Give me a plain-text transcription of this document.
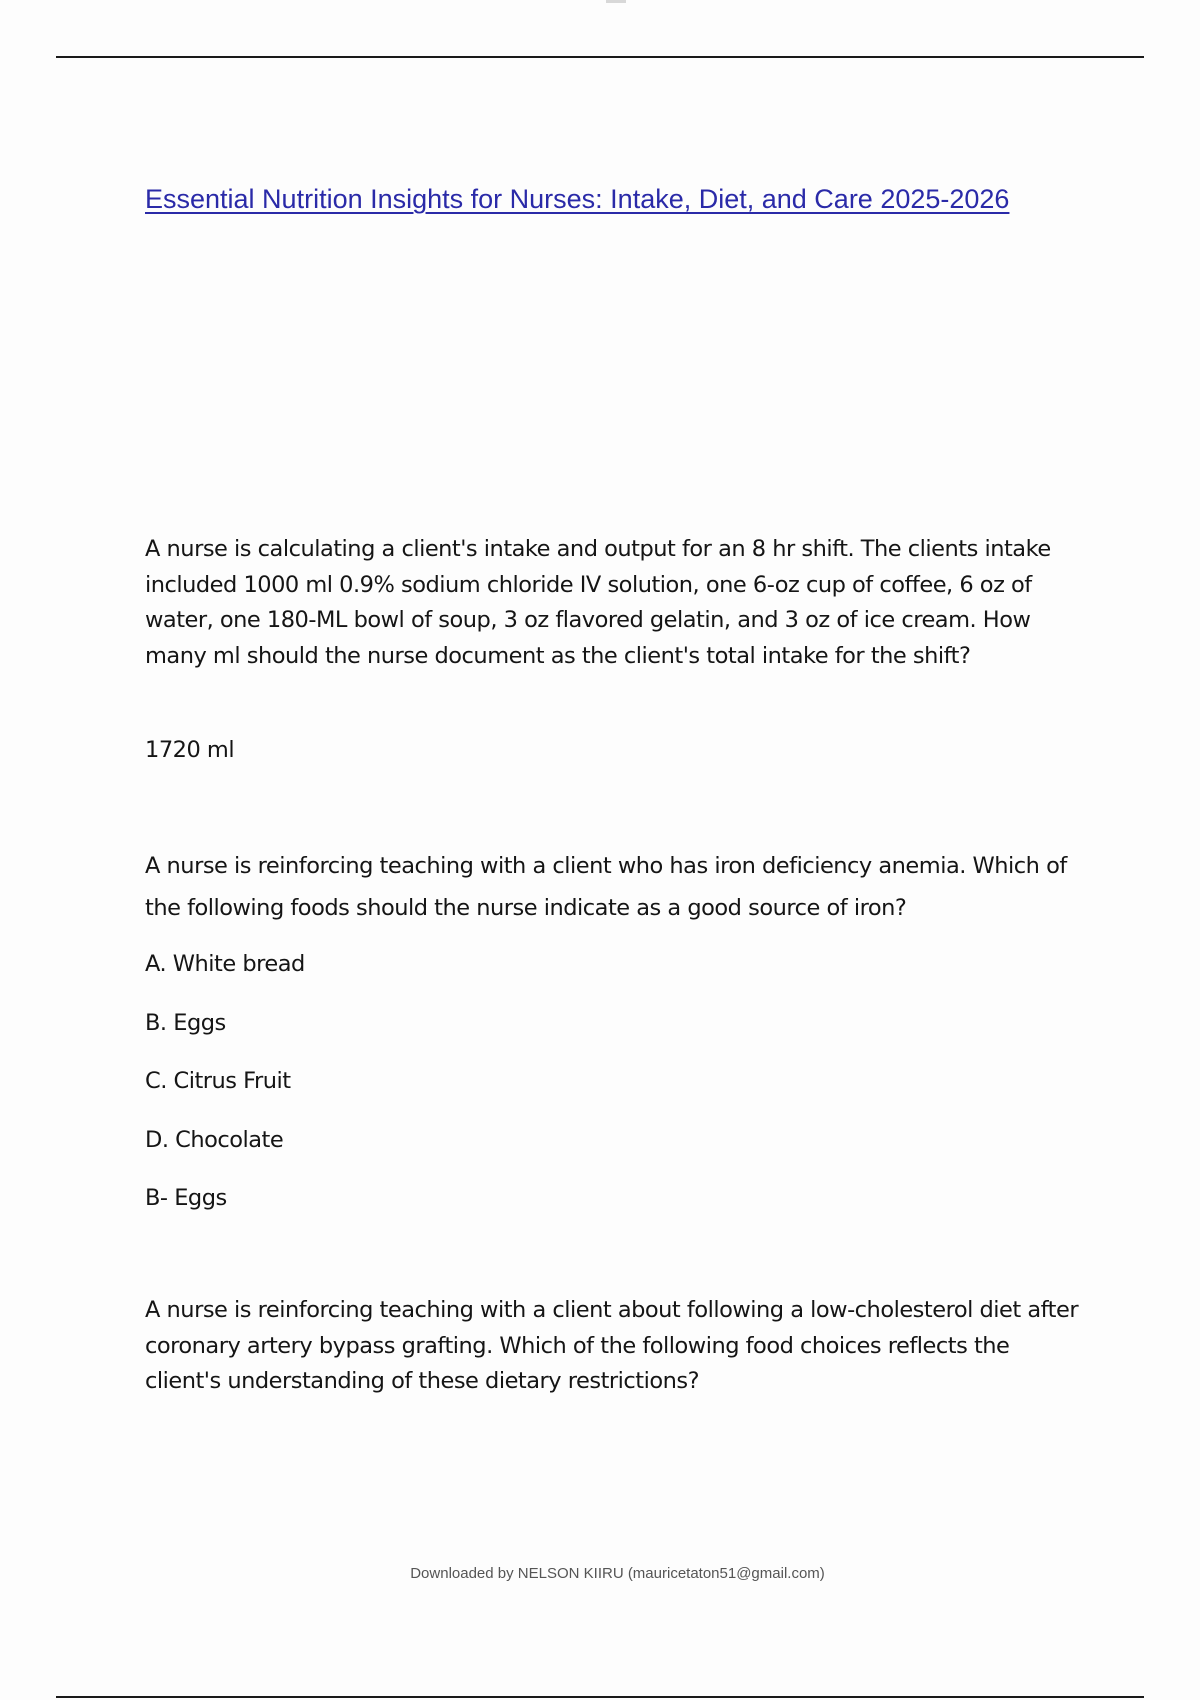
Essential Nutrition Insights for Nurses: Intake, Diet, and Care 2025-2026
A nurse is calculating a client's intake and output for an 8 hr shift. The clients intake included 1000 ml 0.9% sodium chloride IV solution, one 6-oz cup of coffee, 6 oz of water, one 180-ML bowl of soup, 3 oz flavored gelatin, and 3 oz of ice cream. How many ml should the nurse document as the client's total intake for the shift?
1720 ml
A nurse is reinforcing teaching with a client who has iron deficiency anemia. Which of the following foods should the nurse indicate as a good source of iron?
A. White bread
B. Eggs
C. Citrus Fruit
D. Chocolate
B- Eggs
A nurse is reinforcing teaching with a client about following a low-cholesterol diet after coronary artery bypass grafting. Which of the following food choices reflects the client's understanding of these dietary restrictions?
Downloaded by NELSON KIIRU (mauricetaton51@gmail.com)
